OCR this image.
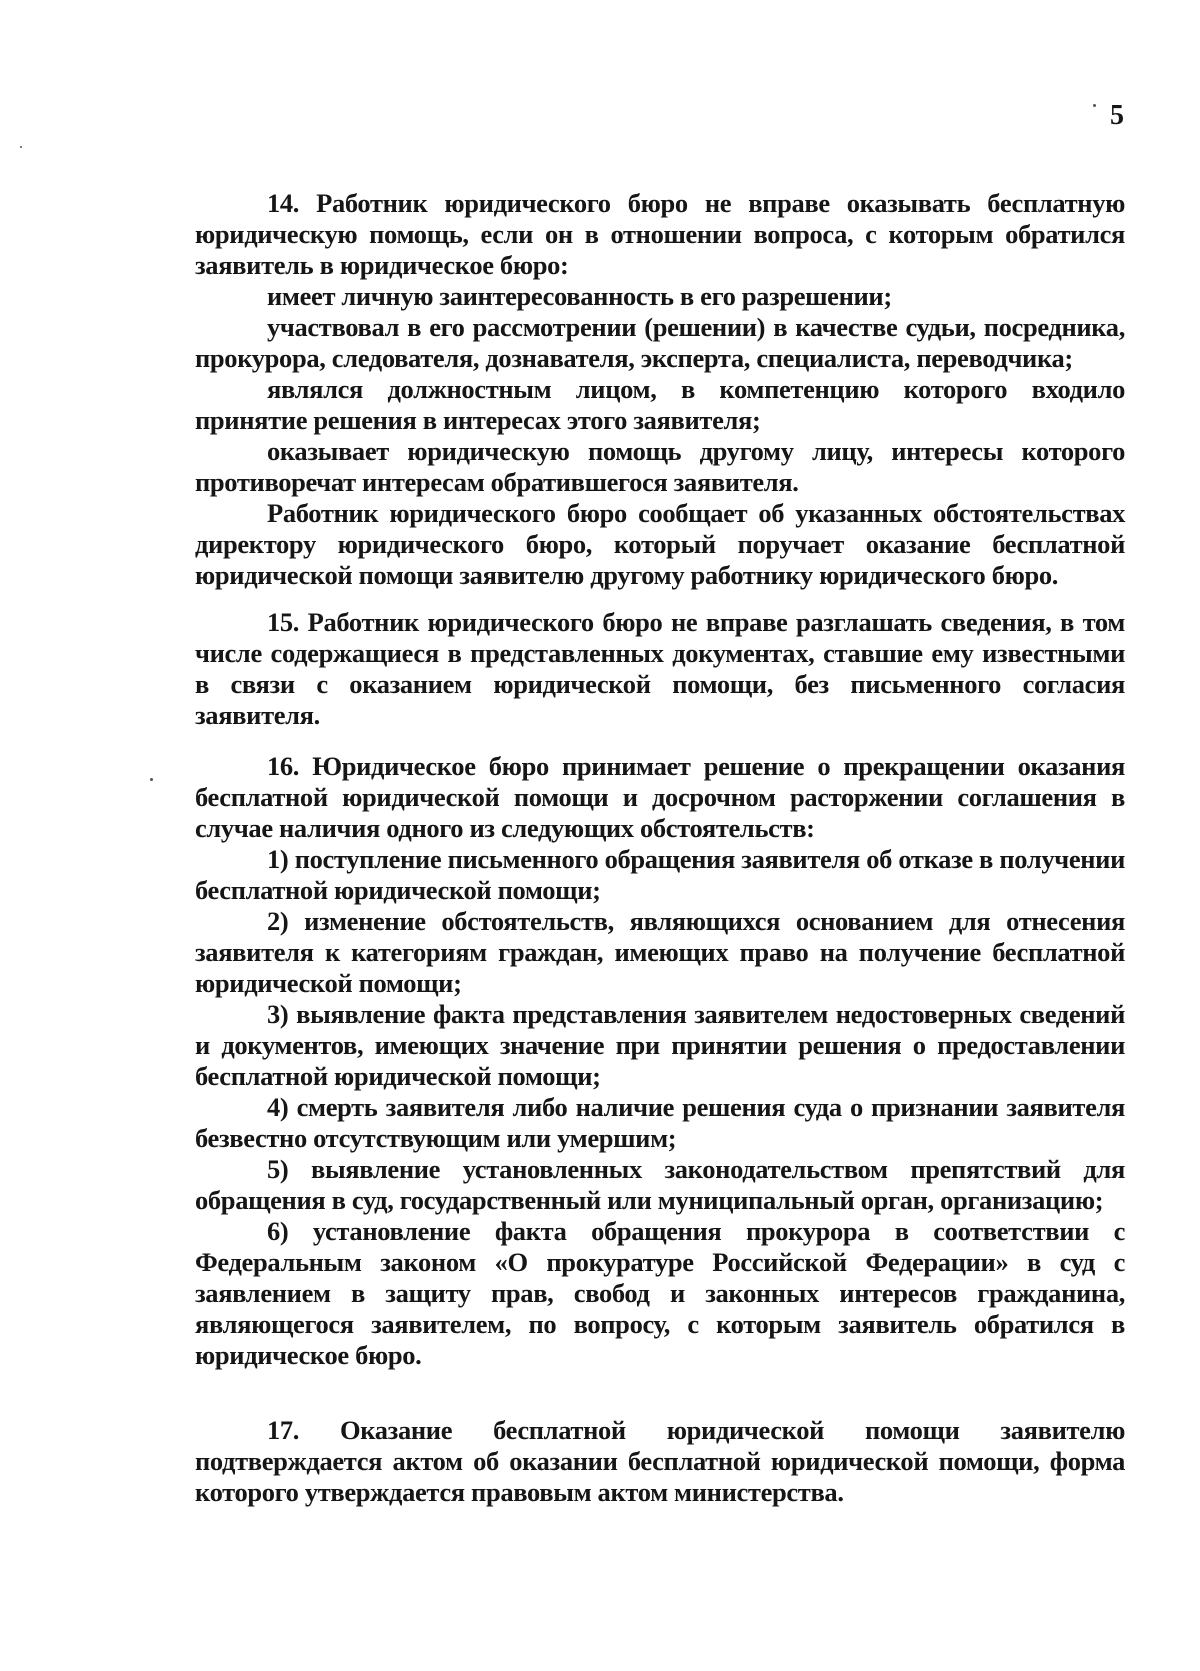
5

14. Работник юридического бюро не вправе оказывать бесплатную юридическую помощь, если он в отношении вопроса, с которым обратился заявитель в юридическое бюро:

имеет личную заинтересованность в его разрешении;

участвовал в его рассмотрении (решении) в качестве судьи, посредника, прокурора, следователя, дознавателя, эксперта, специалиста, переводчика;

являлся должностным лицом, в компетенцию которого входило принятие решения в интересах этого заявителя;

оказывает юридическую помощь другому лицу, интересы которого противоречат интересам обратившегося заявителя.

Работник юридического бюро сообщает об указанных обстоятельствах директору юридического бюро, который поручает оказание бесплатной юридической помощи заявителю другому работнику юридического бюро.

15. Работник юридического бюро не вправе разглашать сведения, в том числе содержащиеся в представленных документах, ставшие ему известными в связи с оказанием юридической помощи, без письменного согласия заявителя.

16. Юридическое бюро принимает решение о прекращении оказания бесплатной юридической помощи и досрочном расторжении соглашения в случае наличия одного из следующих обстоятельств:

1) поступление письменного обращения заявителя об отказе в получении бесплатной юридической помощи;

2) изменение обстоятельств, являющихся основанием для отнесения заявителя к категориям граждан, имеющих право на получение бесплатной юридической помощи;

3) выявление факта представления заявителем недостоверных сведений и документов, имеющих значение при принятии решения о предоставлении бесплатной юридической помощи;

4) смерть заявителя либо наличие решения суда о признании заявителя безвестно отсутствующим или умершим;

5) выявление установленных законодательством препятствий для обращения в суд, государственный или муниципальный орган, организацию;

6) установление факта обращения прокурора в соответствии с Федеральным законом «О прокуратуре Российской Федерации» в суд с заявлением в защиту прав, свобод и законных интересов гражданина, являющегося заявителем, по вопросу, с которым заявитель обратился в юридическое бюро.

17. Оказание бесплатной юридической помощи заявителю подтверждается актом об оказании бесплатной юридической помощи, форма которого утверждается правовым актом министерства.
